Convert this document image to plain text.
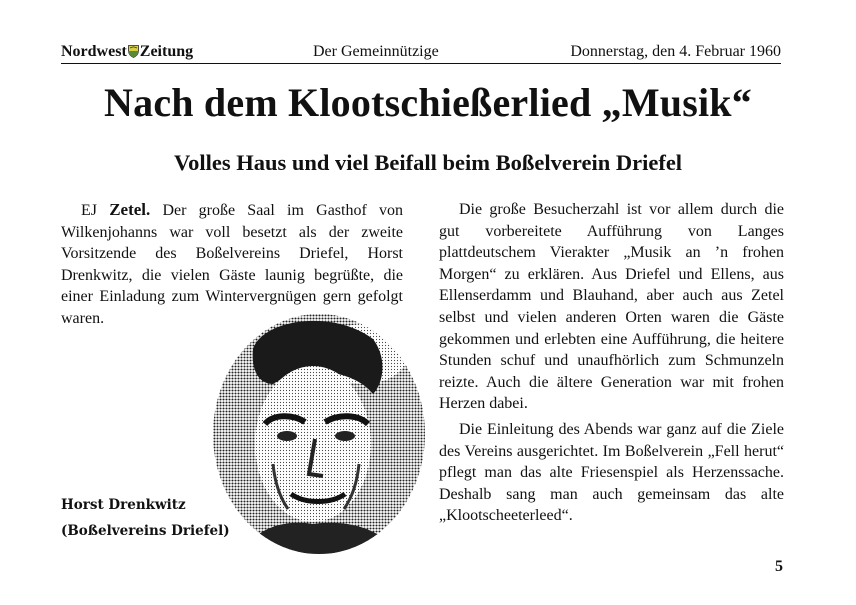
Nordwest Zeitung	Der Gemeinnützige	Donnerstag, den 4. Februar 1960
Nach dem Klootschießerlied „Musik“
Volles Haus und viel Beifall beim Boßelverein Driefel

EJ Zetel. Der große Saal im Gasthof von Wilkenjohanns war voll besetzt als der zweite Vorsitzende des Boßelvereins Driefel, Horst Drenkwitz, die vielen Gäste launig begrüßte, die einer Einladung zum Wintervergnügen gern gefolgt waren.

Horst Drenkwitz
(Boßelvereins Driefel)

Die große Besucherzahl ist vor allem durch die gut vorbereitete Aufführung von Langes plattdeutschem Vierakter „Musik an ’n frohen Morgen“ zu erklären. Aus Driefel und Ellens, aus Ellenserdamm und Blauhand, aber auch aus Zetel selbst und vielen anderen Orten waren die Gäste gekommen und erlebten eine Aufführung, die heitere Stunden schuf und unaufhörlich zum Schmunzeln reizte. Auch die ältere Generation war mit frohen Herzen dabei.

Die Einleitung des Abends war ganz auf die Ziele des Vereins ausgerichtet. Im Boßelverein „Fell herut“ pflegt man das alte Friesenspiel als Herzenssache. Deshalb sang man auch gemeinsam das alte „Klootscheeterleed“.

5
